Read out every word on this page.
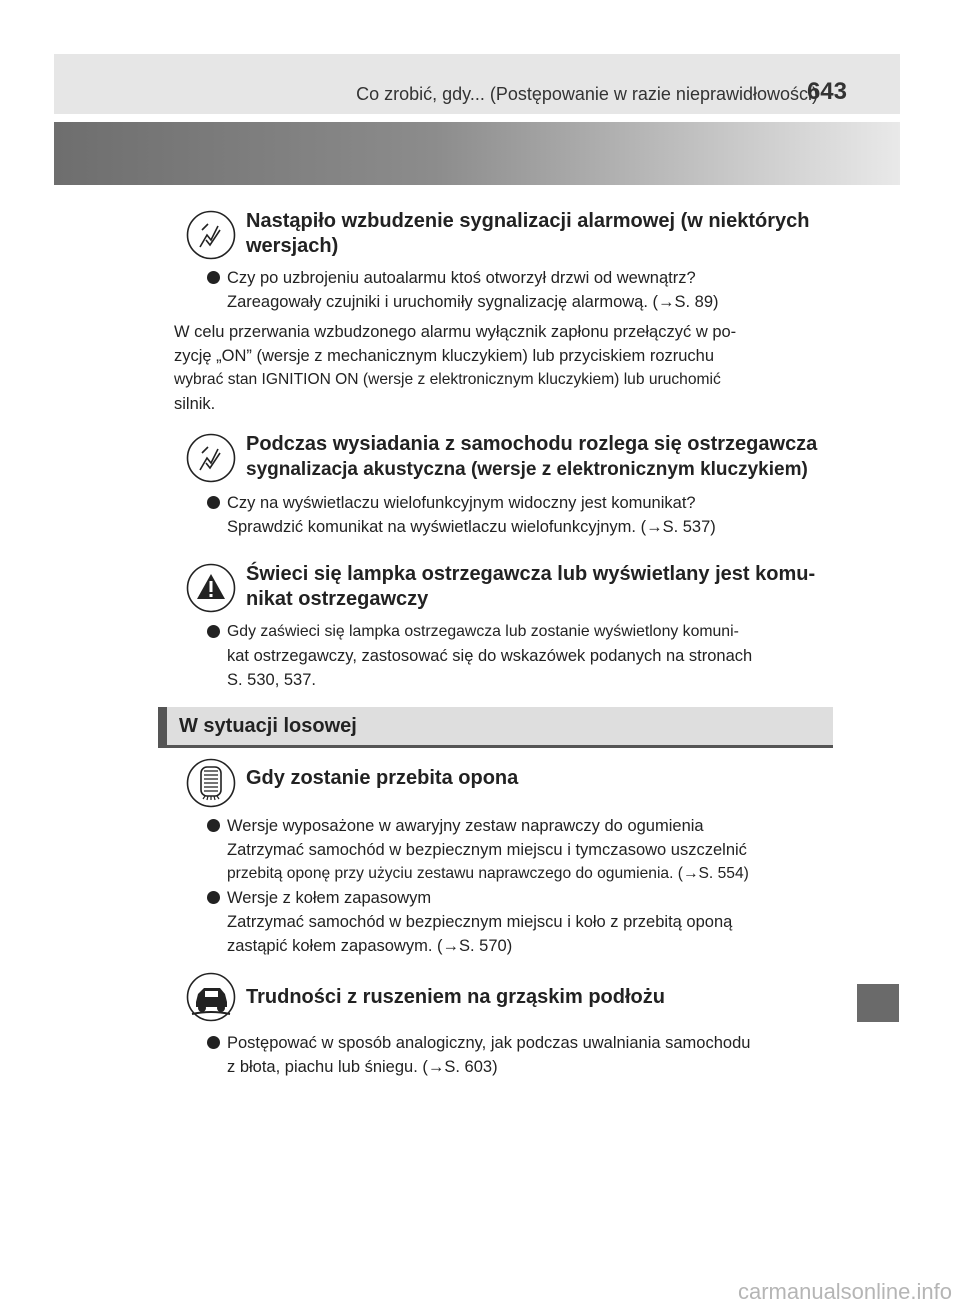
Co zrobić, gdy... (Postępowanie w razie nieprawidłowości)
643
Nastąpiło wzbudzenie sygnalizacji alarmowej (w niektórych
wersjach)
Czy po uzbrojeniu autoalarmu ktoś otworzył drzwi od wewnątrz?
Zareagowały czujniki i uruchomiły sygnalizację alarmową. (→S. 89)
W celu przerwania wzbudzonego alarmu wyłącznik zapłonu przełączyć w po-
zycję „ON” (wersje z mechanicznym kluczykiem) lub przyciskiem rozruchu
wybrać stan IGNITION ON (wersje z elektronicznym kluczykiem) lub uruchomić
silnik.
Podczas wysiadania z samochodu rozlega się ostrzegawcza
sygnalizacja akustyczna (wersje z elektronicznym kluczykiem)
Czy na wyświetlaczu wielofunkcyjnym widoczny jest komunikat?
Sprawdzić komunikat na wyświetlaczu wielofunkcyjnym. (→S. 537)
Świeci się lampka ostrzegawcza lub wyświetlany jest komu-
nikat ostrzegawczy
Gdy zaświeci się lampka ostrzegawcza lub zostanie wyświetlony komuni-
kat ostrzegawczy, zastosować się do wskazówek podanych na stronach
S. 530, 537.
W sytuacji losowej
Gdy zostanie przebita opona
Wersje wyposażone w awaryjny zestaw naprawczy do ogumienia
Zatrzymać samochód w bezpiecznym miejscu i tymczasowo uszczelnić
przebitą oponę przy użyciu zestawu naprawczego do ogumienia. (→S. 554)
Wersje z kołem zapasowym
Zatrzymać samochód w bezpiecznym miejscu i koło z przebitą oponą
zastąpić kołem zapasowym. (→S. 570)
Trudności z ruszeniem na grząskim podłożu
Postępować w sposób analogiczny, jak podczas uwalniania samochodu
z błota, piachu lub śniegu. (→S. 603)
carmanualsonline.info
